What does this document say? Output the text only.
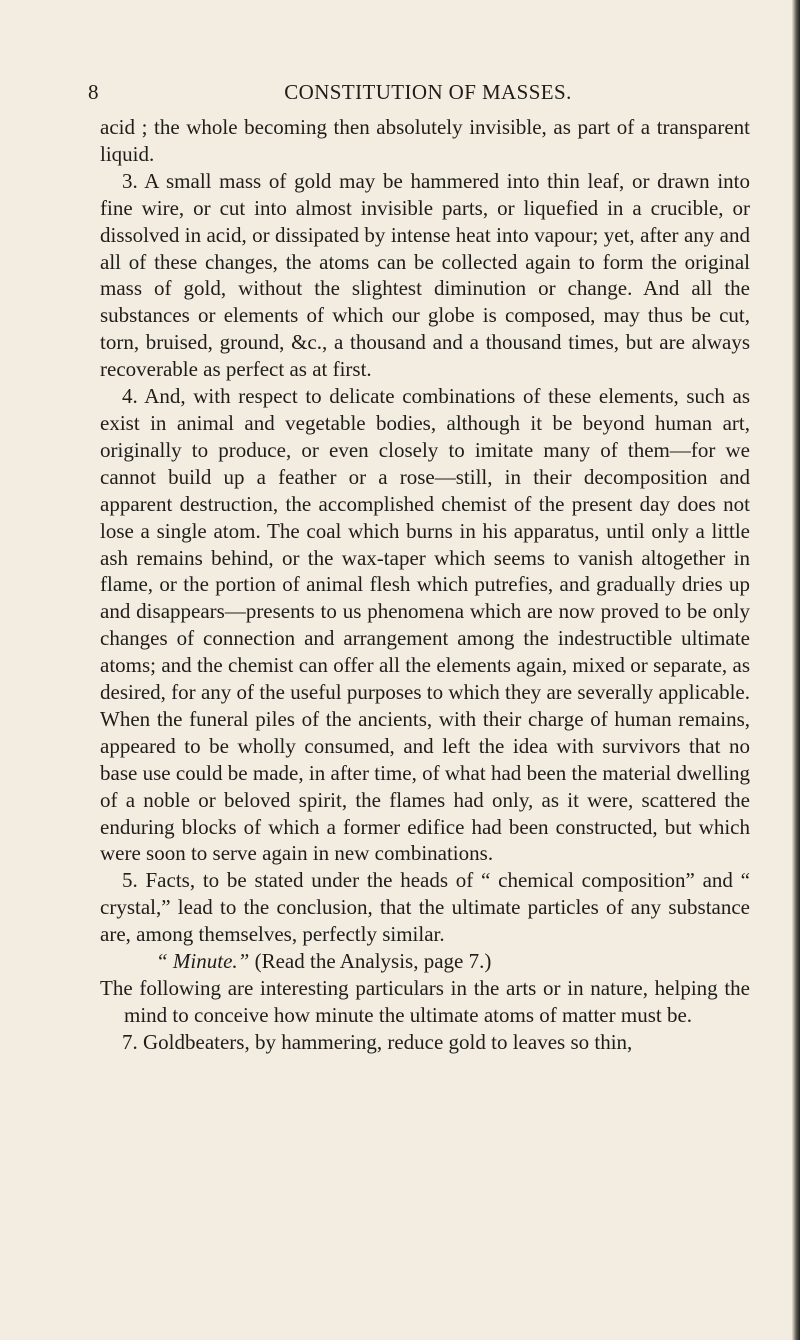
8	CONSTITUTION OF MASSES.

acid ; the whole becoming then absolutely invisible, as part of a transparent liquid.

3. A small mass of gold may be hammered into thin leaf, or drawn into fine wire, or cut into almost invisible parts, or liquefied in a crucible, or dissolved in acid, or dissipated by intense heat into vapour; yet, after any and all of these changes, the atoms can be collected again to form the original mass of gold, without the slightest diminution or change. And all the substances or elements of which our globe is composed, may thus be cut, torn, bruised, ground, &c., a thousand and a thousand times, but are always recoverable as perfect as at first.

4. And, with respect to delicate combinations of these elements, such as exist in animal and vegetable bodies, although it be beyond human art, originally to produce, or even closely to imitate many of them—for we cannot build up a feather or a rose—still, in their decomposition and apparent destruction, the accomplished chemist of the present day does not lose a single atom. The coal which burns in his apparatus, until only a little ash remains behind, or the wax-taper which seems to vanish altogether in flame, or the portion of animal flesh which putrefies, and gradually dries up and disappears—presents to us phenomena which are now proved to be only changes of connection and arrangement among the indestructible ultimate atoms; and the chemist can offer all the elements again, mixed or separate, as desired, for any of the useful purposes to which they are severally applicable. When the funeral piles of the ancients, with their charge of human remains, appeared to be wholly consumed, and left the idea with survivors that no base use could be made, in after time, of what had been the material dwelling of a noble or beloved spirit, the flames had only, as it were, scattered the enduring blocks of which a former edifice had been constructed, but which were soon to serve again in new combinations.

5. Facts, to be stated under the heads of “ chemical composition” and “ crystal,” lead to the conclusion, that the ultimate particles of any substance are, among themselves, perfectly similar.

“ Minute.” (Read the Analysis, page 7.)

The following are interesting particulars in the arts or in nature, helping the mind to conceive how minute the ultimate atoms of matter must be.

7. Goldbeaters, by hammering, reduce gold to leaves so thin,
